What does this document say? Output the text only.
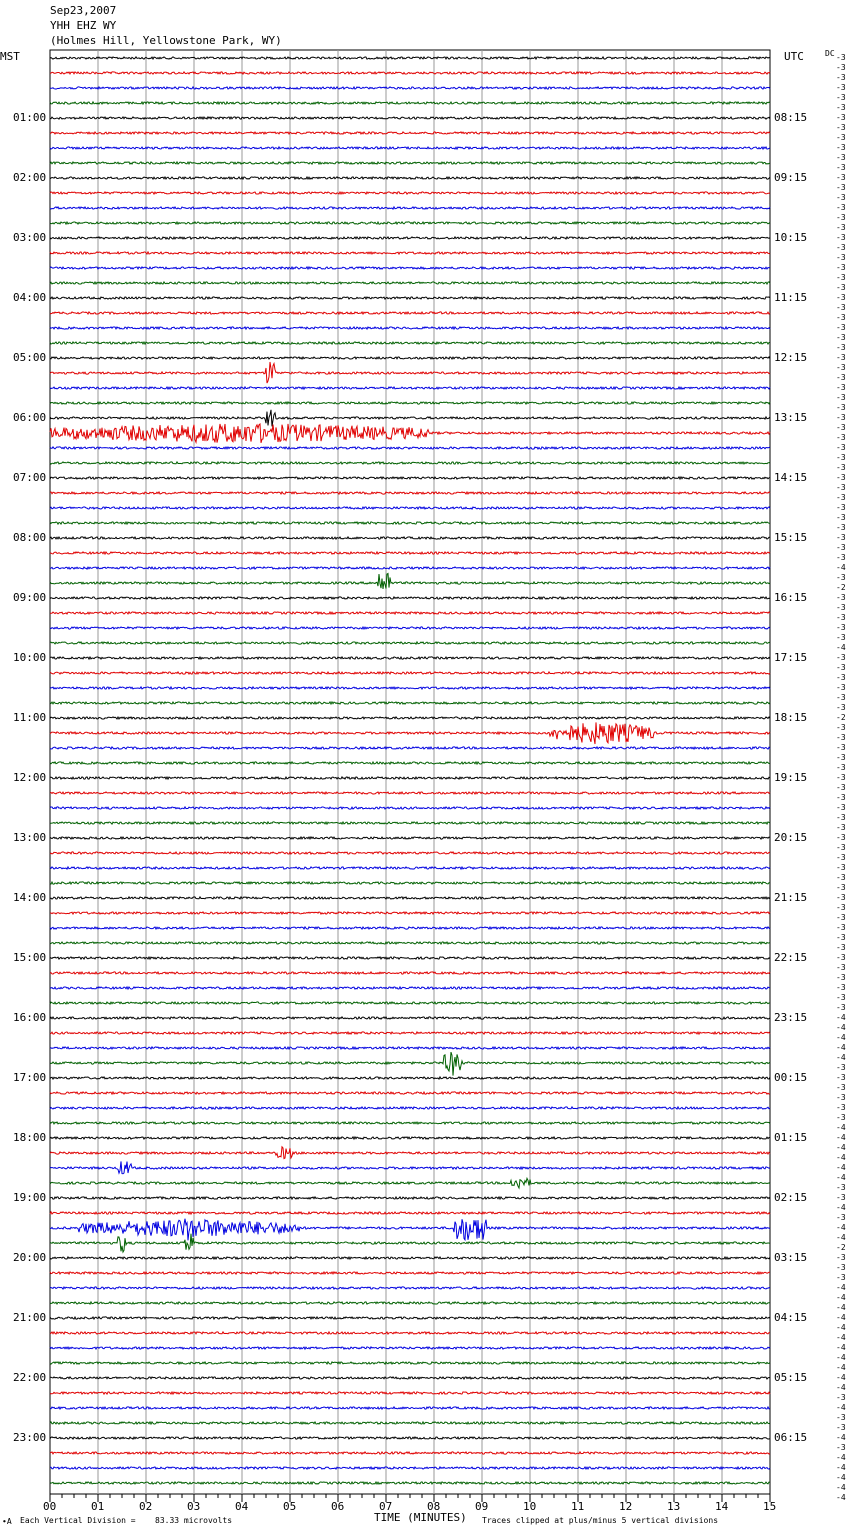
Sep23,2007
YHH EHZ WY
(Holmes Hill, Yellowstone Park, WY)
MST	UTC	DC
00	01	02	03	04	05	06	07	08	09	10	11	12	13	14	15
01:00
02:00
03:00
04:00
05:00
06:00
07:00
08:00
09:00
10:00
11:00
12:00
13:00
14:00
15:00
16:00
17:00
18:00
19:00
20:00
21:00
22:00
23:00
08:15
09:15
10:15
11:15
12:15
13:15
14:15
15:15
16:15
17:15
18:15
19:15
20:15
21:15
22:15
23:15
00:15
01:15
02:15
03:15
04:15
05:15
06:15
-3
-3
-3
-3
-3
-3
-3
-3
-3
-3
-3
-3
-3
-3
-3
-3
-3
-3
-3
-3
-3
-3
-3
-3
-3
-3
-3
-3
-3
-3
-3
-3
-3
-3
-3
-3
-3
-3
-3
-3
-3
-3
-3
-3
-3
-3
-3
-3
-3
-3
-3
-4
-3
-2
-3
-3
-3
-3
-3
-4
-3
-3
-3
-3
-3
-3
-2
-3
-3
-3
-3
-3
-3
-3
-3
-3
-3
-3
-3
-3
-3
-3
-3
-3
-3
-3
-3
-3
-3
-3
-3
-3
-3
-3
-3
-3
-4
-4
-4
-4
-4
-3
-3
-3
-3
-3
-3
-4
-4
-4
-4
-4
-4
-3
-3
-4
-3
-4
-4
-2
-3
-3
-3
-4
-4
-4
-4
-4
-4
-4
-4
-4
-4
-4
-3
-4
-3
-3
-4
-3
-4
-4
-4
-4
-4
TIME (MINUTES)
∙A Each Vertical Division = 83.33 microvolts	Traces clipped at plus/minus 5 vertical divisions
